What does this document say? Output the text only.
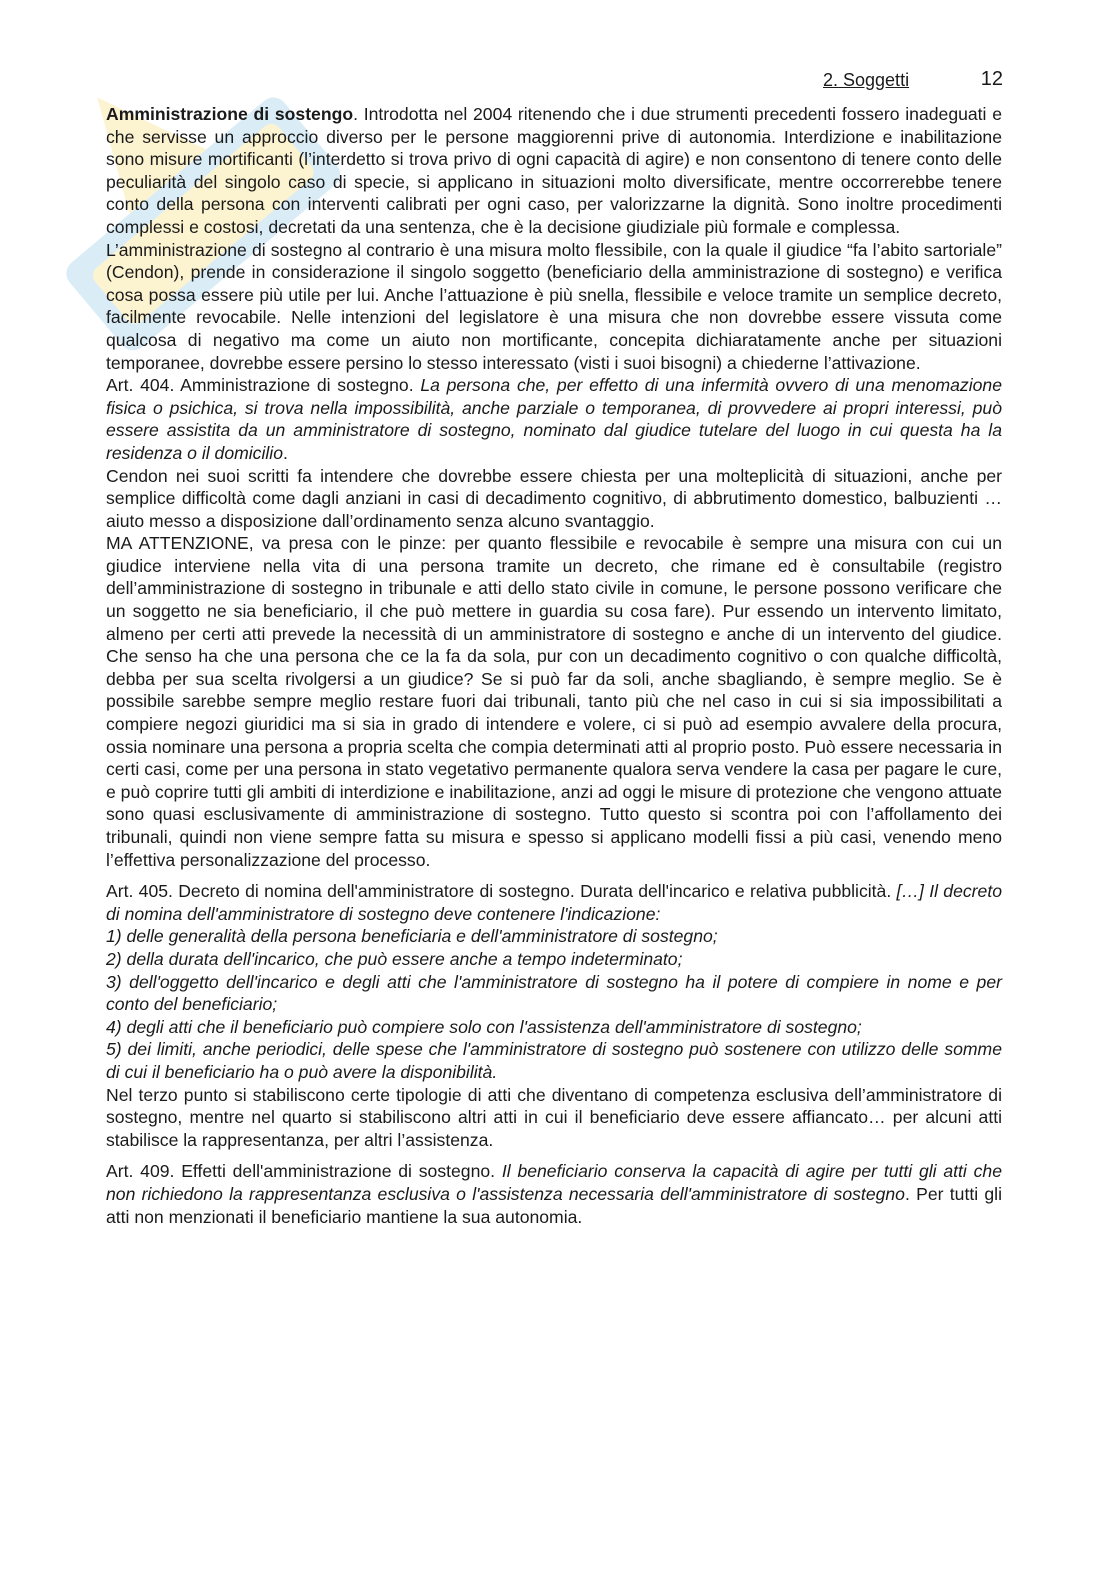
2. Soggetti	12

Amministrazione di sostengo. Introdotta nel 2004 ritenendo che i due strumenti precedenti fossero inadeguati e che servisse un approccio diverso per le persone maggiorenni prive di autonomia. Interdizione e inabilitazione sono misure mortificanti (l’interdetto si trova privo di ogni capacità di agire) e non consentono di tenere conto delle peculiarità del singolo caso di specie, si applicano in situazioni molto diversificate, mentre occorrerebbe tenere conto della persona con interventi calibrati per ogni caso, per valorizzarne la dignità. Sono inoltre procedimenti complessi e costosi, decretati da una sentenza, che è la decisione giudiziale più formale e complessa.

L’amministrazione di sostegno al contrario è una misura molto flessibile, con la quale il giudice “fa l’abito sartoriale” (Cendon), prende in considerazione il singolo soggetto (beneficiario della amministrazione di sostegno) e verifica cosa possa essere più utile per lui. Anche l’attuazione è più snella, flessibile e veloce tramite un semplice decreto, facilmente revocabile. Nelle intenzioni del legislatore è una misura che non dovrebbe essere vissuta come qualcosa di negativo ma come un aiuto non mortificante, concepita dichiaratamente anche per situazioni temporanee, dovrebbe essere persino lo stesso interessato (visti i suoi bisogni) a chiederne l’attivazione.

Art. 404. Amministrazione di sostegno. La persona che, per effetto di una infermità ovvero di una menomazione fisica o psichica, si trova nella impossibilità, anche parziale o temporanea, di provvedere ai propri interessi, può essere assistita da un amministratore di sostegno, nominato dal giudice tutelare del luogo in cui questa ha la residenza o il domicilio.

Cendon nei suoi scritti fa intendere che dovrebbe essere chiesta per una molteplicità di situazioni, anche per semplice difficoltà come dagli anziani in casi di decadimento cognitivo, di abbrutimento domestico, balbuzienti … aiuto messo a disposizione dall’ordinamento senza alcuno svantaggio.

MA ATTENZIONE, va presa con le pinze: per quanto flessibile e revocabile è sempre una misura con cui un giudice interviene nella vita di una persona tramite un decreto, che rimane ed è consultabile (registro dell’amministrazione di sostegno in tribunale e atti dello stato civile in comune, le persone possono verificare che un soggetto ne sia beneficiario, il che può mettere in guardia su cosa fare). Pur essendo un intervento limitato, almeno per certi atti prevede la necessità di un amministratore di sostegno e anche di un intervento del giudice. Che senso ha che una persona che ce la fa da sola, pur con un decadimento cognitivo o con qualche difficoltà, debba per sua scelta rivolgersi a un giudice? Se si può far da soli, anche sbagliando, è sempre meglio. Se è possibile sarebbe sempre meglio restare fuori dai tribunali, tanto più che nel caso in cui si sia impossibilitati a compiere negozi giuridici ma si sia in grado di intendere e volere, ci si può ad esempio avvalere della procura, ossia nominare una persona a propria scelta che compia determinati atti al proprio posto. Può essere necessaria in certi casi, come per una persona in stato vegetativo permanente qualora serva vendere la casa per pagare le cure, e può coprire tutti gli ambiti di interdizione e inabilitazione, anzi ad oggi le misure di protezione che vengono attuate sono quasi esclusivamente di amministrazione di sostegno. Tutto questo si scontra poi con l’affollamento dei tribunali, quindi non viene sempre fatta su misura e spesso si applicano modelli fissi a più casi, venendo meno l’effettiva personalizzazione del processo.

Art. 405. Decreto di nomina dell'amministratore di sostegno. Durata dell'incarico e relativa pubblicità. […] Il decreto di nomina dell'amministratore di sostegno deve contenere l'indicazione:

1) delle generalità della persona beneficiaria e dell'amministratore di sostegno;

2) della durata dell'incarico, che può essere anche a tempo indeterminato;

3) dell'oggetto dell'incarico e degli atti che l'amministratore di sostegno ha il potere di compiere in nome e per conto del beneficiario;

4) degli atti che il beneficiario può compiere solo con l'assistenza dell'amministratore di sostegno;

5) dei limiti, anche periodici, delle spese che l'amministratore di sostegno può sostenere con utilizzo delle somme di cui il beneficiario ha o può avere la disponibilità.

Nel terzo punto si stabiliscono certe tipologie di atti che diventano di competenza esclusiva dell’amministratore di sostegno, mentre nel quarto si stabiliscono altri atti in cui il beneficiario deve essere affiancato… per alcuni atti stabilisce la rappresentanza, per altri l’assistenza.

Art. 409. Effetti dell'amministrazione di sostegno. Il beneficiario conserva la capacità di agire per tutti gli atti che non richiedono la rappresentanza esclusiva o l'assistenza necessaria dell'amministratore di sostegno. Per tutti gli atti non menzionati il beneficiario mantiene la sua autonomia.
